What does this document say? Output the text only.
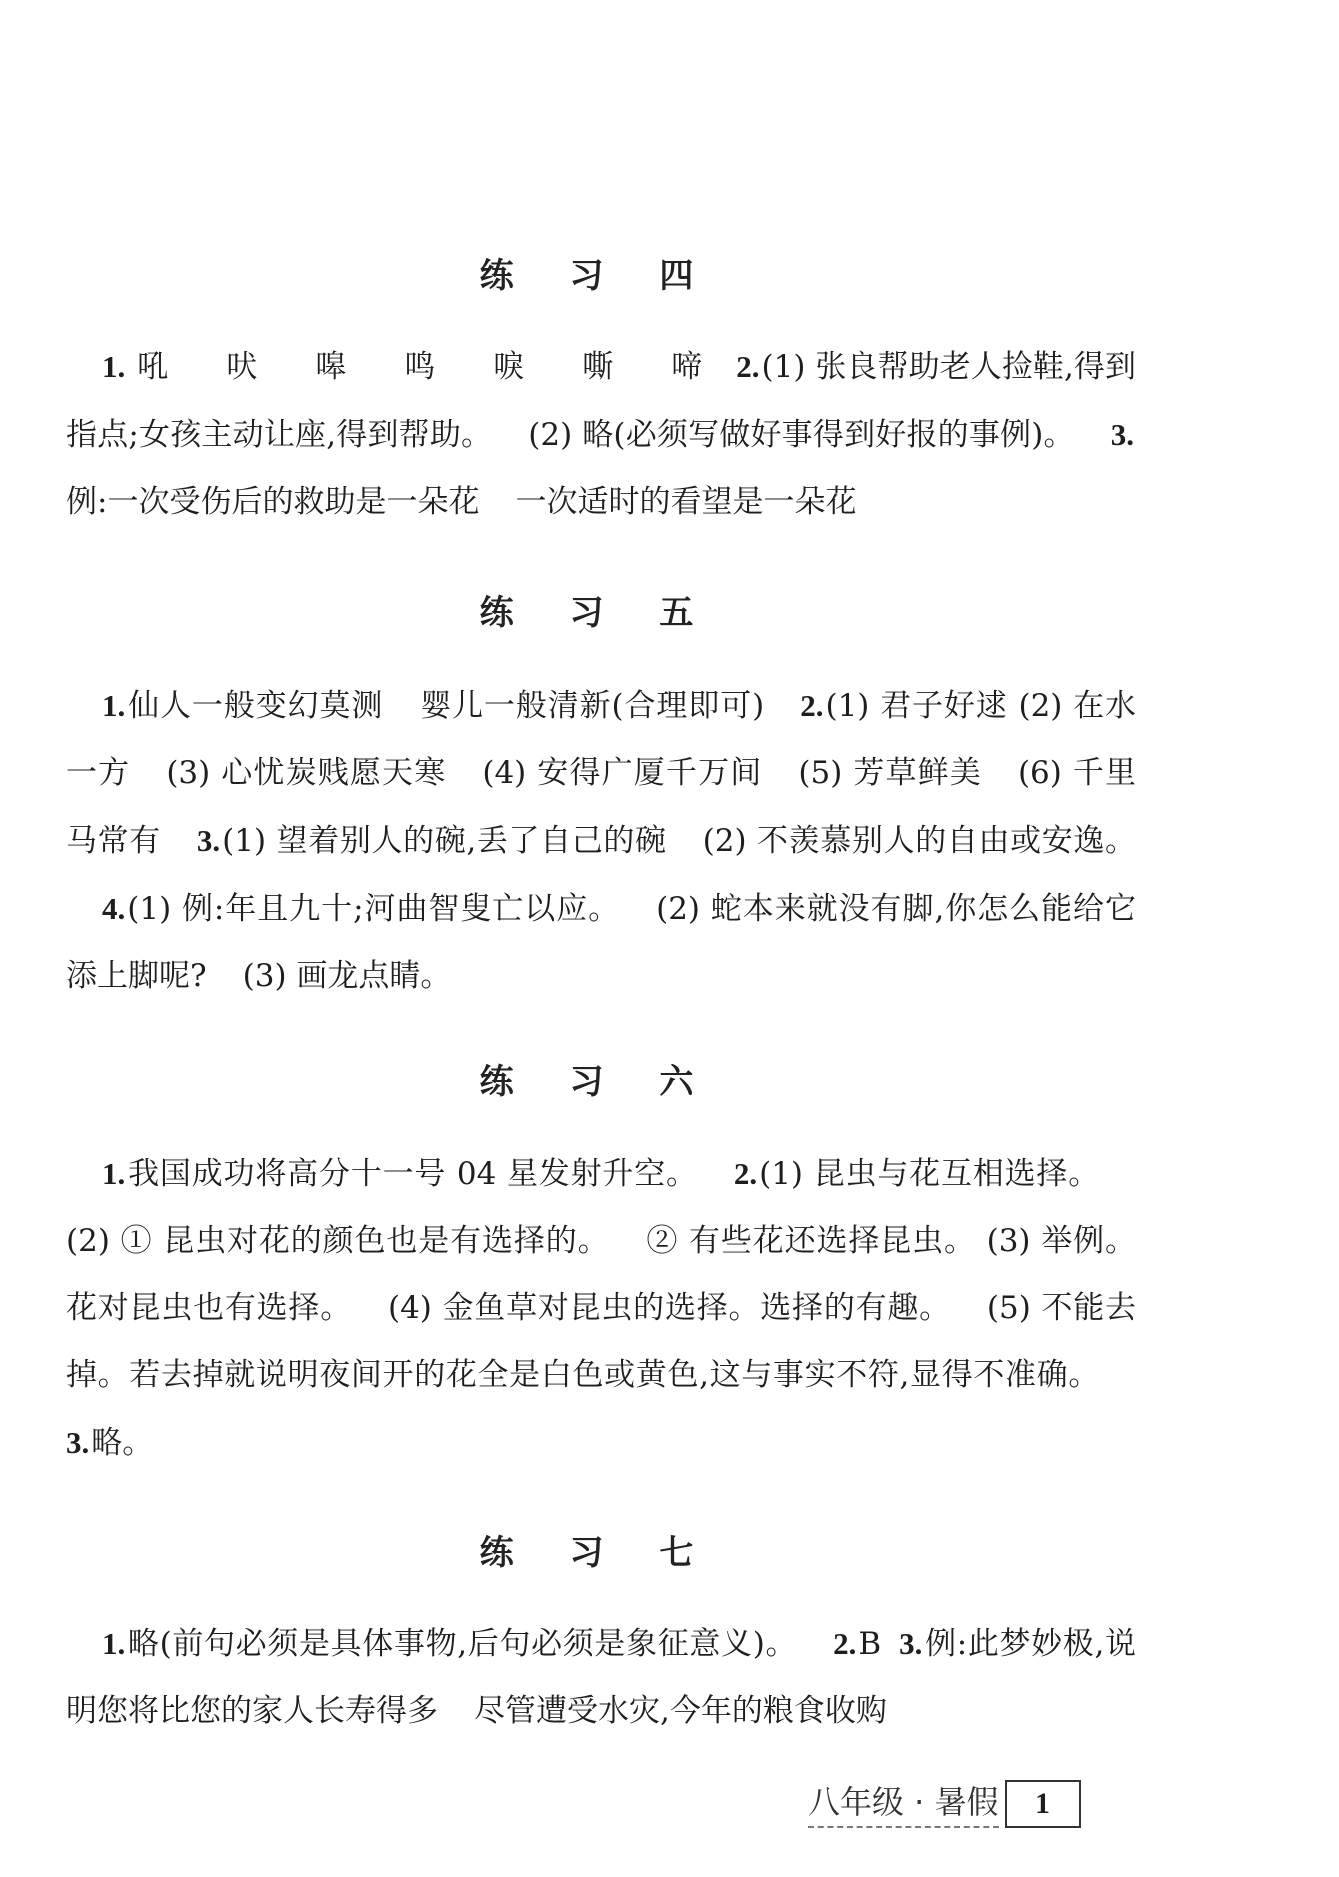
练 习 四
1. 吼 吠 嗥 鸣 唳 嘶 啼 2.(1) 张良帮助老人捡鞋,得到指点;女孩主动让座,得到帮助。 (2) 略(必须写做好事得到好报的事例)。 3.例:一次受伤后的救助是一朵花 一次适时的看望是一朵花
练 习 五
1.仙人一般变幻莫测 婴儿一般清新(合理即可) 2.(1) 君子好逑 (2) 在水一方 (3) 心忧炭贱愿天寒 (4) 安得广厦千万间 (5) 芳草鲜美 (6) 千里马常有 3.(1) 望着别人的碗,丢了自己的碗 (2) 不羡慕别人的自由或安逸。4.(1) 例:年且九十;河曲智叟亡以应。 (2) 蛇本来就没有脚,你怎么能给它添上脚呢? (3) 画龙点睛。
练 习 六
1.我国成功将高分十一号 04 星发射升空。 2.(1) 昆虫与花互相选择。(2) ① 昆虫对花的颜色也是有选择的。 ② 有些花还选择昆虫。 (3) 举例。花对昆虫也有选择。 (4) 金鱼草对昆虫的选择。选择的有趣。 (5) 不能去掉。若去掉就说明夜间开的花全是白色或黄色,这与事实不符,显得不准确。3.略。
练 习 七
1.略(前句必须是具体事物,后句必须是象征意义)。 2.B 3.例:此梦妙极,说明您将比您的家人长寿得多 尽管遭受水灾,今年的粮食收购
八年级 · 暑假	1
